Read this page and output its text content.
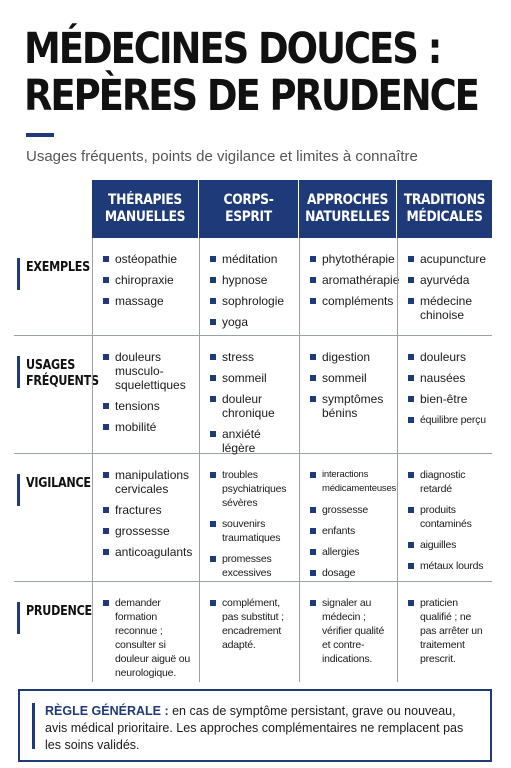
MÉDECINES DOUCES :
REPÈRES DE PRUDENCE
Usages fréquents, points de vigilance et limites à connaître
THÉRAPIES MANUELLES
CORPS-ESPRIT
APPROCHES NATURELLES
TRADITIONS MÉDICALES
EXEMPLES
ostéopathie
chiropraxie
massage
méditation
hypnose
sophrologie
yoga
phytothérapie
aromathérapie
compléments
acupuncture
ayurvéda
médecine chinoise
USAGES FRÉQUENTS
douleurs musculo-squelettiques
tensions
mobilité
stress
sommeil
douleur chronique
anxiété légère
digestion
sommeil
symptômes bénins
douleurs
nausées
bien-être
équilibre perçu
VIGILANCE
manipulations cervicales
fractures
grossesse
anticoagulants
troubles psychiatriques sévères
souvenirs traumatiques
promesses excessives
interactions médicamenteuses
grossesse
enfants
allergies
dosage
diagnostic retardé
produits contaminés
aiguilles
métaux lourds
PRUDENCE
demander formation reconnue ; consulter si douleur aiguë ou neurologique.
complément, pas substitut ; encadrement adapté.
signaler au médecin ; vérifier qualité et contre-indications.
praticien qualifié ; ne pas arrêter un traitement prescrit.
RÈGLE GÉNÉRALE : en cas de symptôme persistant, grave ou nouveau, avis médical prioritaire. Les approches complémentaires ne remplacent pas les soins validés.
